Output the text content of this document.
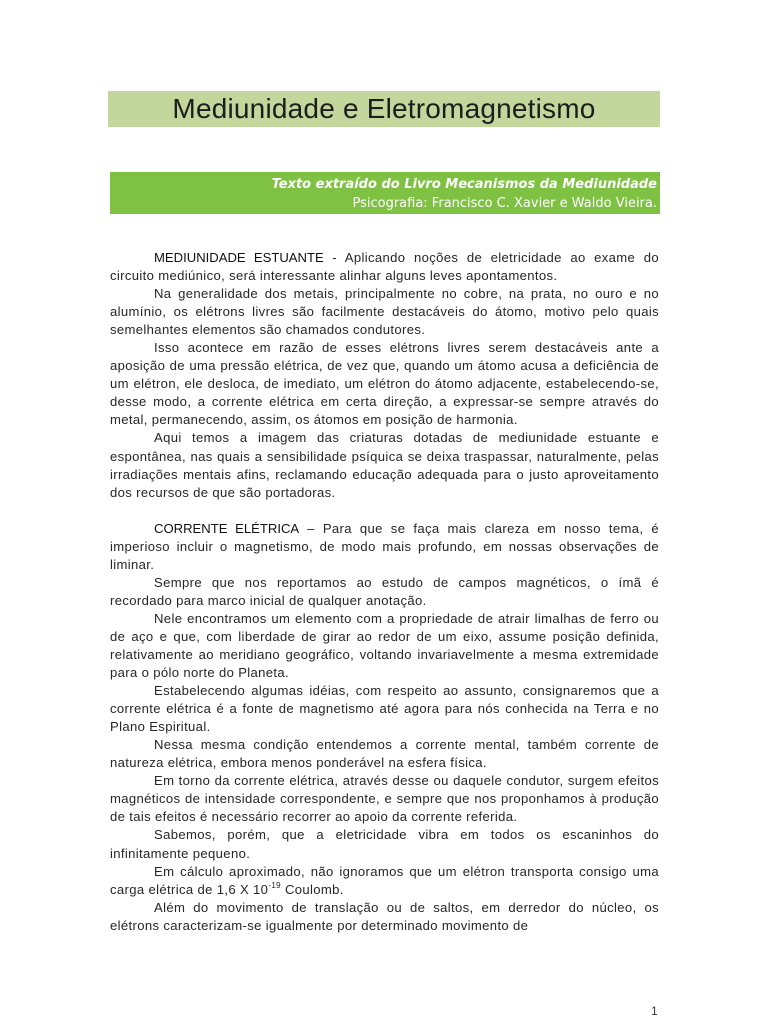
Mediunidade e Eletromagnetismo
Texto extraído do Livro Mecanismos da Mediunidade
Psicografia: Francisco C. Xavier e Waldo Vieira.

MEDIUNIDADE ESTUANTE - Aplicando noções de eletricidade ao exame do circuito mediúnico, será interessante alinhar alguns leves apontamentos.

Na generalidade dos metais, principalmente no cobre, na prata, no ouro e no alumínio, os elétrons livres são facilmente destacáveis do átomo, motivo pelo quais semelhantes elementos são chamados condutores.

Isso acontece em razão de esses elétrons livres serem destacáveis ante a aposição de uma pressão elétrica, de vez que, quando um átomo acusa a deficiência de um elétron, ele desloca, de imediato, um elétron do átomo adjacente, estabelecendo-se, desse modo, a corrente elétrica em certa direção, a expressar-se sempre através do metal, permanecendo, assim, os átomos em posição de harmonia.

Aqui temos a imagem das criaturas dotadas de mediunidade estuante e espontânea, nas quais a sensibilidade psíquica se deixa traspassar, naturalmente, pelas irradiações mentais afins, reclamando educação adequada para o justo aproveitamento dos recursos de que são portadoras.

CORRENTE ELÉTRICA – Para que se faça mais clareza em nosso tema, é imperioso incluir o magnetismo, de modo mais profundo, em nossas observações de liminar.

Sempre que nos reportamos ao estudo de campos magnéticos, o ímã é recordado para marco inicial de qualquer anotação.

Nele encontramos um elemento com a propriedade de atrair limalhas de ferro ou de aço e que, com liberdade de girar ao redor de um eixo, assume posição definida, relativamente ao meridiano geográfico, voltando invariavelmente a mesma extremidade para o pólo norte do Planeta.

Estabelecendo algumas idéias, com respeito ao assunto, consignaremos que a corrente elétrica é a fonte de magnetismo até agora para nós conhecida na Terra e no Plano Espiritual.

Nessa mesma condição entendemos a corrente mental, também corrente de natureza elétrica, embora menos ponderável na esfera física.

Em torno da corrente elétrica, através desse ou daquele condutor, surgem efeitos magnéticos de intensidade correspondente, e sempre que nos proponhamos à produção de tais efeitos é necessário recorrer ao apoio da corrente referida.

Sabemos, porém, que a eletricidade vibra em todos os escaninhos do infinitamente pequeno.

Em cálculo aproximado, não ignoramos que um elétron transporta consigo uma carga elétrica de 1,6 X $10^{-19}$ Coulomb.

Além do movimento de translação ou de saltos, em derredor do núcleo, os elétrons caracterizam-se igualmente por determinado movimento de

1
